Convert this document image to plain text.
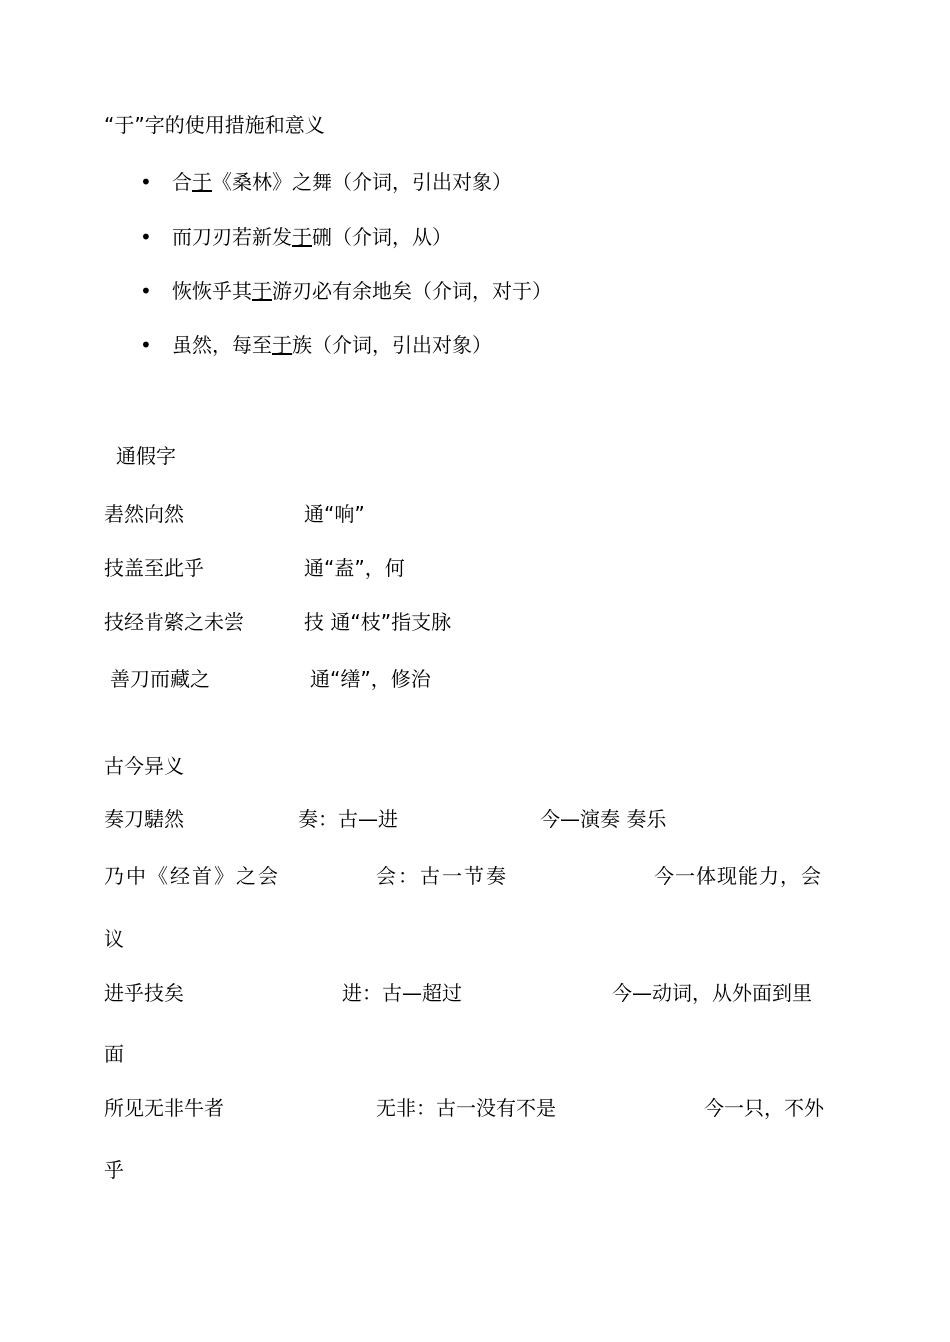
“于”字的使用措施和意义
• 合于《桑林》之舞（介词，引出对象）
• 而刀刃若新发于硎（介词，从）
• 恢恢乎其于游刃必有余地矣（介词，对于）
• 虽然，每至于族（介词，引出对象）
通假字
砉然向然	通“响”
技盖至此乎	通“盍”，何
技经肯綮之未尝	技 通“枝”指支脉
善刀而藏之	通“缮”，修治
古今异义
奏刀騞然	奏：古—进	今—演奏 奏乐
乃中《经首》之会	会：古一节奏	今一体现能力，会
议
进乎技矣	进：古—超过	今—动词，从外面到里
面
所见无非牛者	无非：古一没有不是	今一只，不外
乎
